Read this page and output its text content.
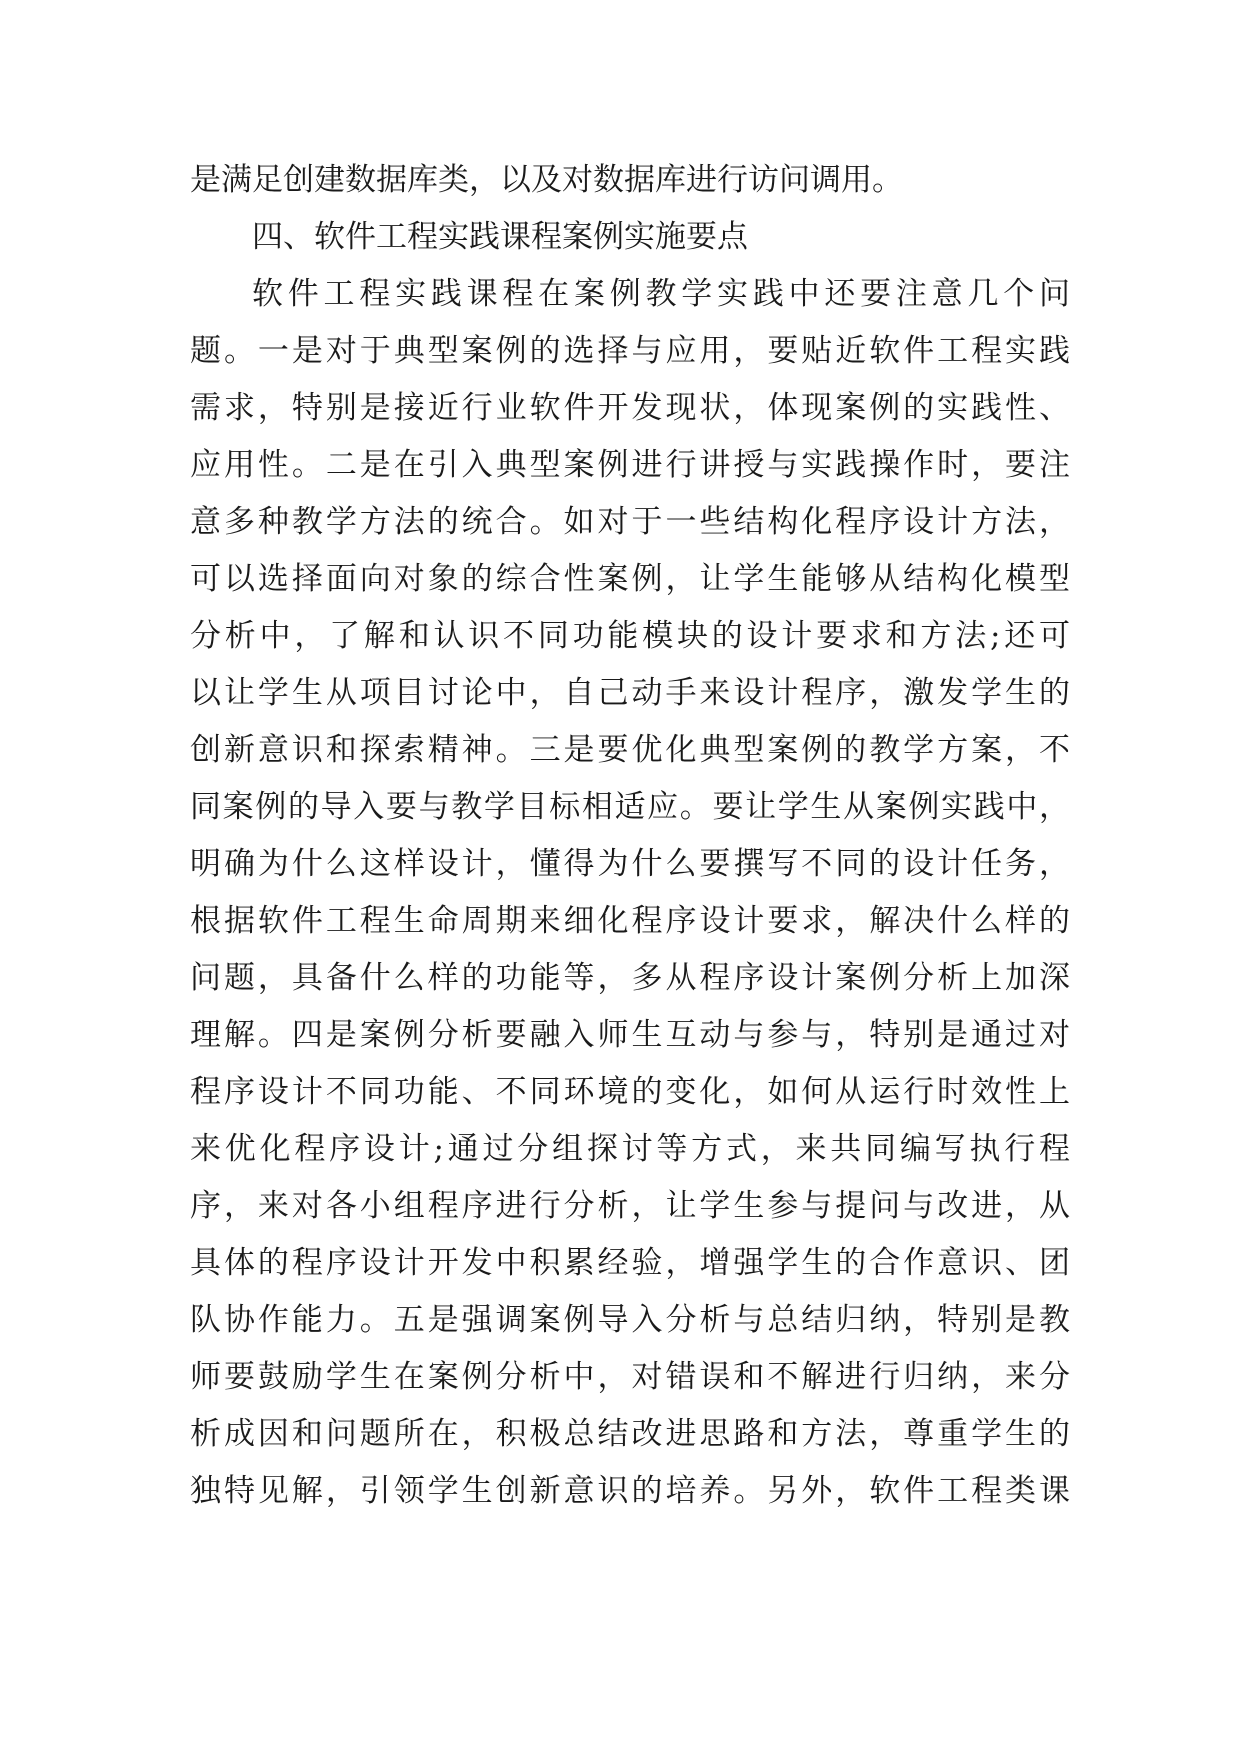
是满足创建数据库类，以及对数据库进行访问调用。
四、软件工程实践课程案例实施要点
软件工程实践课程在案例教学实践中还要注意几个问
题。一是对于典型案例的选择与应用，要贴近软件工程实践
需求，特别是接近行业软件开发现状，体现案例的实践性、
应用性。二是在引入典型案例进行讲授与实践操作时，要注
意多种教学方法的统合。如对于一些结构化程序设计方法，
可以选择面向对象的综合性案例，让学生能够从结构化模型
分析中，了解和认识不同功能模块的设计要求和方法;还可
以让学生从项目讨论中，自己动手来设计程序，激发学生的
创新意识和探索精神。三是要优化典型案例的教学方案，不
同案例的导入要与教学目标相适应。要让学生从案例实践中，
明确为什么这样设计，懂得为什么要撰写不同的设计任务，
根据软件工程生命周期来细化程序设计要求，解决什么样的
问题，具备什么样的功能等，多从程序设计案例分析上加深
理解。四是案例分析要融入师生互动与参与，特别是通过对
程序设计不同功能、不同环境的变化，如何从运行时效性上
来优化程序设计;通过分组探讨等方式，来共同编写执行程
序，来对各小组程序进行分析，让学生参与提问与改进，从
具体的程序设计开发中积累经验，增强学生的合作意识、团
队协作能力。五是强调案例导入分析与总结归纳，特别是教
师要鼓励学生在案例分析中，对错误和不解进行归纳，来分
析成因和问题所在，积极总结改进思路和方法，尊重学生的
独特见解，引领学生创新意识的培养。另外，软件工程类课
